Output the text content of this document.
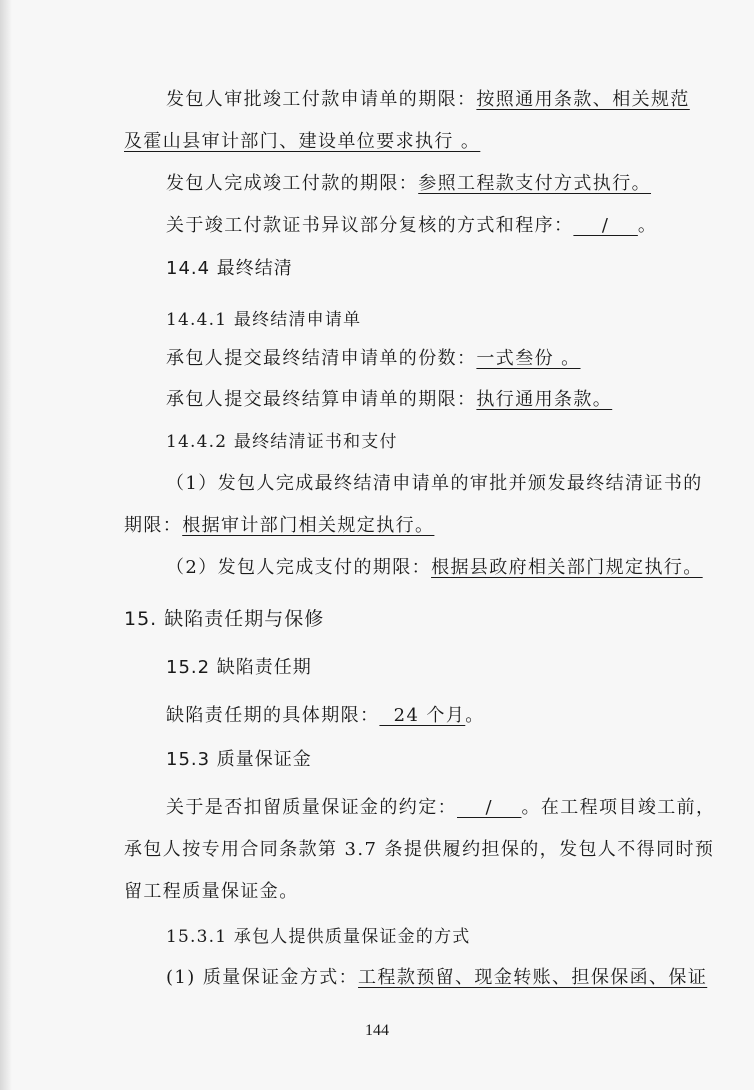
发包人审批竣工付款申请单的期限：按照通用条款、相关规范
及霍山县审计部门、建设单位要求执行 。
发包人完成竣工付款的期限：参照工程款支付方式执行。
关于竣工付款证书异议部分复核的方式和程序：    /    。
14.4 最终结清
14.4.1 最终结清申请单
承包人提交最终结清申请单的份数：一式叁份 。
承包人提交最终结算申请单的期限：执行通用条款。
14.4.2 最终结清证书和支付
（1）发包人完成最终结清申请单的审批并颁发最终结清证书的
期限：根据审计部门相关规定执行。
（2）发包人完成支付的期限：根据县政府相关部门规定执行。
15. 缺陷责任期与保修
15.2 缺陷责任期
缺陷责任期的具体期限：  24 个月。
15.3 质量保证金
关于是否扣留质量保证金的约定：    /    。在工程项目竣工前，
承包人按专用合同条款第 3.7 条提供履约担保的，发包人不得同时预
留工程质量保证金。
15.3.1 承包人提供质量保证金的方式
(1) 质量保证金方式：工程款预留、现金转账、担保保函、保证
144
